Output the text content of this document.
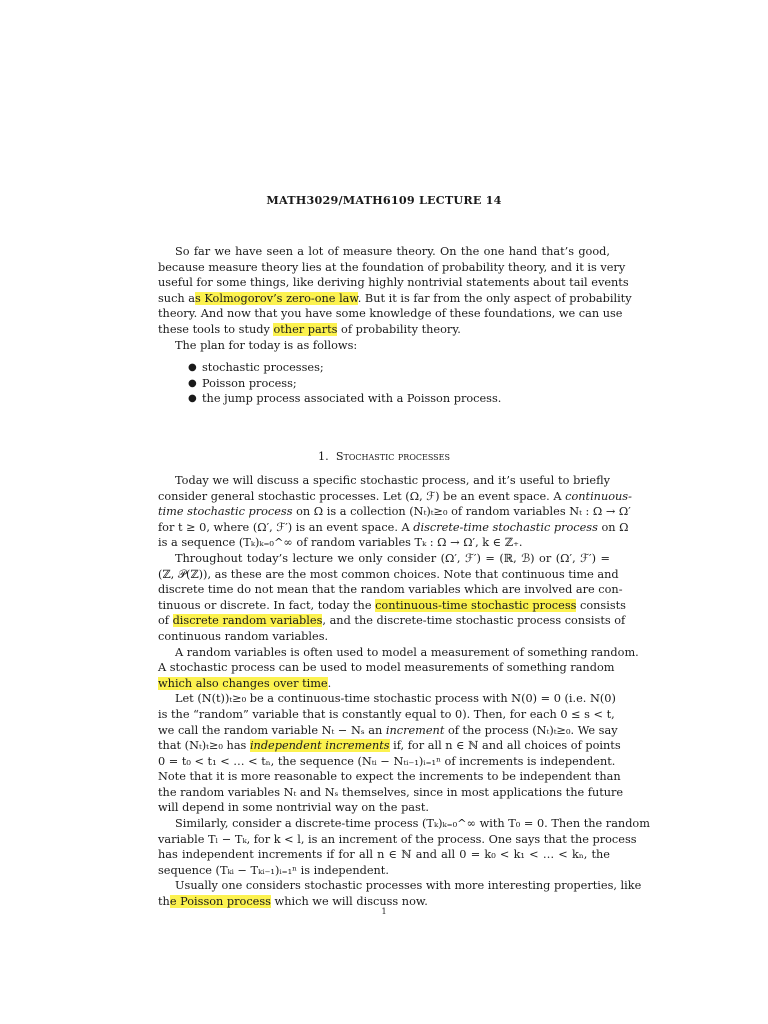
MATH3029/MATH6109 LECTURE 14
So far we have seen a lot of measure theory. On the one hand that’s good,
because measure theory lies at the foundation of probability theory, and it is very
useful for some things, like deriving highly nontrivial statements about tail events
such as Kolmogorov’s zero-one law. But it is far from the only aspect of probability
theory. And now that you have some knowledge of these foundations, we can use
these tools to study other parts of probability theory.
The plan for today is as follows:
● stochastic processes;
● Poisson process;
● the jump process associated with a Poisson process.
1. Stochastic processes
Today we will discuss a specific stochastic process, and it’s useful to briefly
consider general stochastic processes. Let (Ω, ℱ) be an event space. A continuous-
time stochastic process on Ω is a collection (Nₜ)ₜ≥₀ of random variables Nₜ : Ω → Ω′
for t ≥ 0, where (Ω′, ℱ′) is an event space. A discrete-time stochastic process on Ω
is a sequence (Tₖ)ₖ₌₀^∞ of random variables Tₖ : Ω → Ω′, k ∈ ℤ₊.
Throughout today’s lecture we only consider (Ω′, ℱ′) = (ℝ, ℬ) or (Ω′, ℱ′) =
(ℤ, 𝒫(ℤ)), as these are the most common choices. Note that continuous time and
discrete time do not mean that the random variables which are involved are con-
tinuous or discrete. In fact, today the continuous-time stochastic process consists
of discrete random variables, and the discrete-time stochastic process consists of
continuous random variables.
A random variables is often used to model a measurement of something random.
A stochastic process can be used to model measurements of something random
which also changes over time.
Let (N(t))ₜ≥₀ be a continuous-time stochastic process with N(0) = 0 (i.e. N(0)
is the “random” variable that is constantly equal to 0). Then, for each 0 ≤ s < t,
we call the random variable Nₜ − Nₛ an increment of the process (Nₜ)ₜ≥₀. We say
that (Nₜ)ₜ≥₀ has independent increments if, for all n ∈ ℕ and all choices of points
0 = t₀ < t₁ < … < tₙ, the sequence (Nₜᵢ − Nₜᵢ₋₁)ᵢ₌₁ⁿ of increments is independent.
Note that it is more reasonable to expect the increments to be independent than
the random variables Nₜ and Nₛ themselves, since in most applications the future
will depend in some nontrivial way on the past.
Similarly, consider a discrete-time process (Tₖ)ₖ₌₀^∞ with T₀ = 0. Then the random
variable Tₗ − Tₖ, for k < l, is an increment of the process. One says that the process
has independent increments if for all n ∈ ℕ and all 0 = k₀ < k₁ < … < kₙ, the
sequence (Tₖᵢ − Tₖᵢ₋₁)ᵢ₌₁ⁿ is independent.
Usually one considers stochastic processes with more interesting properties, like
the Poisson process which we will discuss now.
1
